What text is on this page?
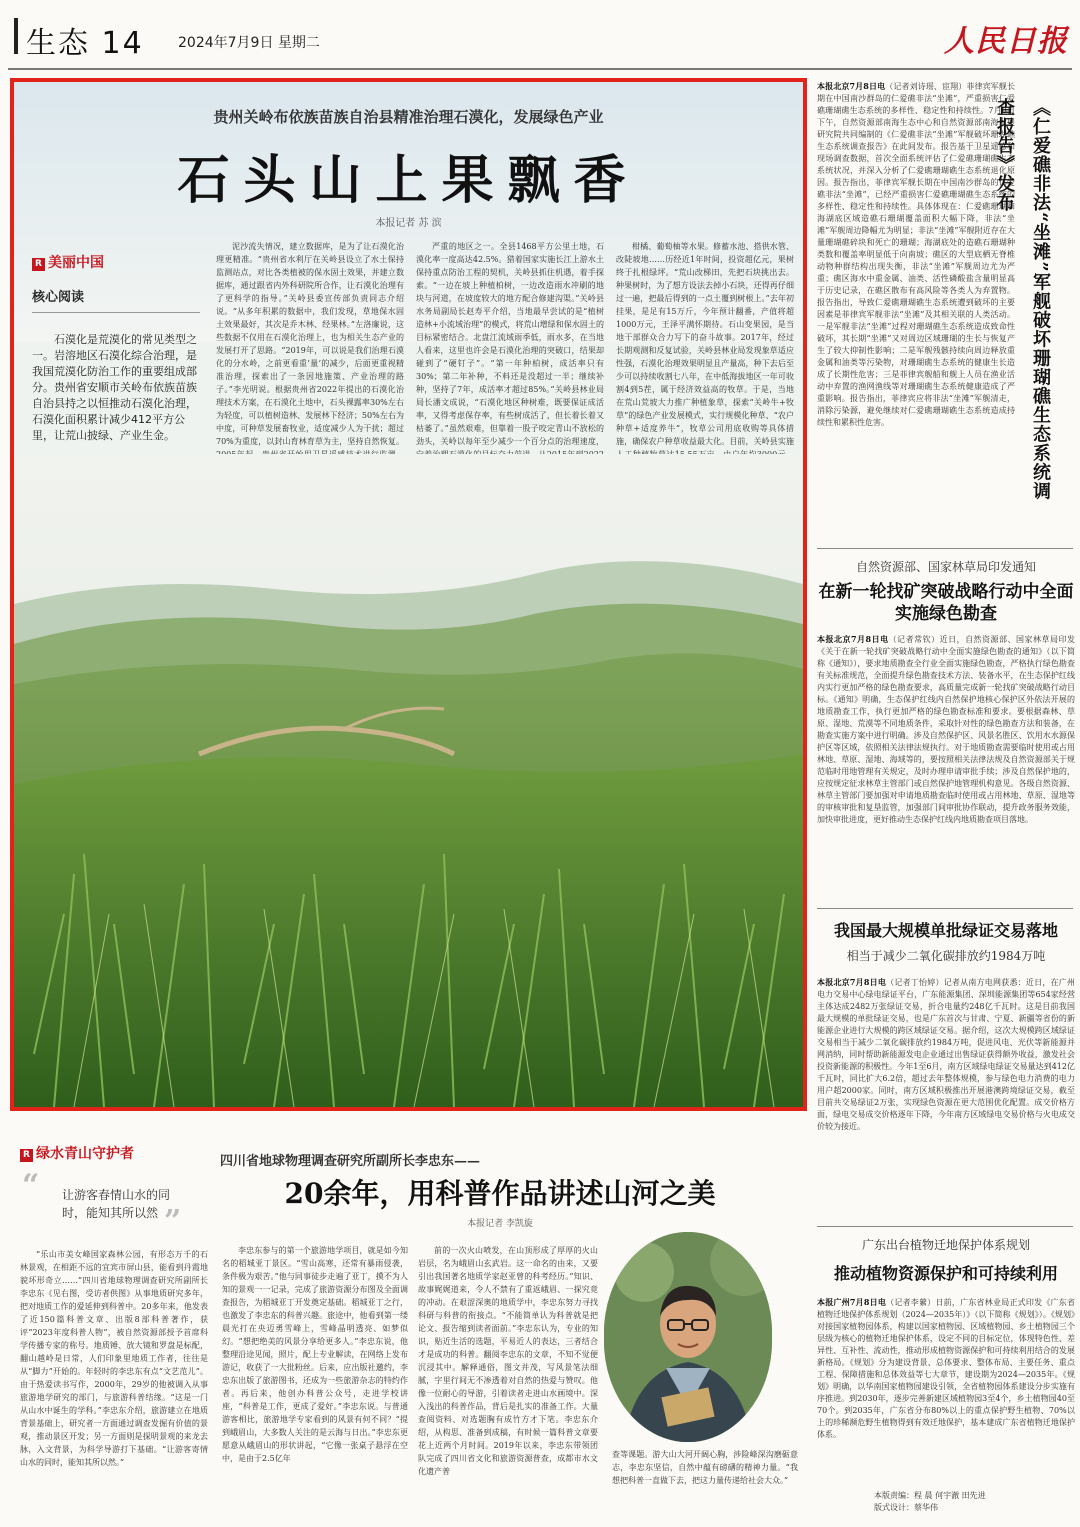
生态 14 2024年7月9日 星期二	人民日报
贵州关岭布依族苗族自治县精准治理石漠化，发展绿色产业
石头山上果飘香
本报记者 苏 滨
R 美丽中国
核心阅读
石漠化是荒漠化的常见类型之一。岩溶地区石漠化综合治理，是我国荒漠化防治工作的重要组成部分。贵州省安顺市关岭布依族苗族自治县持之以恒推动石漠化治理，石漠化面积累计减少412平方公里，让荒山披绿、产业生金。

泥沙流失情况，建立数据库，是为了让石漠化治理更精准。“贵州省水利厅在关岭县设立了水土保持监测站点，对比各类植被的保水固土效果，并建立数据库，通过跟省内外科研院所合作，让石漠化治理有了更科学的指导。”关岭县委宣传部负责同志介绍说。“从多年积累的数据中，我们发现，草地保水固土效果最好，其次是乔木林、经果林。”左洛廉说，这些数据不仅用在石漠化治理上，也为相关生态产业的发展打开了思路。“2019年，可以说是我们治理石漠化的分水岭，之前更看重‘量’的减少，后面更重视精准治理，探索出了一条因地施策、产业治理的路子。”李光明说。根据贵州省2022年提出的石漠化治理技术方案，在石漠化土地中，石头裸露率30%左右为轻度，可以植树造林、发展林下经济；50%左右为中度，可种草发展畜牧业，适度减少人为干扰；超过70%为重度，以封山育林育草为主，坚持自然恢复。

严重的地区之一。全县1468平方公里土地，石漠化率一度高达42.5%。猎着国家实施长江上游水土保持重点防治工程的契机，关岭县抓住机遇，着手探索。“一边在坡上种植柏树，一边改造雨水冲刷的地块与河道，在坡度较大的地方配合修建沟渠。”关岭县水务局副局长赵寿平介绍，当地最早尝试的是“植树造林+小流域治理”的模式，将荒山增绿和保水固土的目标紧密结合。北盘江流域雨季低，雨水多，在当地人看来，这里也许会是石漠化治理的突破口，结果却碰到了“硬钉子”。“第一年种柏树，成活率只有30%；第二年补种，不料还是没超过一半；继续补种，坚持了7年，成活率才超过85%。”关岭县林业局局长潘文成说，“石漠化地区种树难，既要保证成活率，又得考虑保存率，有些树成活了，但长着长着又枯萎了。”虽然艰难，但靠着一股子咬定青山不放松的劲头，关岭以每年至少减少一个百分点的治理速度，

柑橘、葡萄柚等水果。修蓄水池、搭供水管、改陡坡地……历经近1年时间，投资超亿元，果树终于扎根绿坪。“荒山改梯田，先把石块挑出去。种果树时，为了想方设法去掉小石块，还得再仔细过一遍，把最后得到的一点土覆到树根上。”去年初挂果，是足有15万斤，今年预计翻番，产值将超1000万元，王泽平满怀期待。石山变果园，是当地干部群众合力写下的奋斗故事。2017年，经过长期观测和反复试验，关岭县林业局发现象草适应性强，石漠化治理效果明显且产量高，种下去后至少可以持续收割七八年，在中低海拔地区一年可收割4到5茬，属于经济效益高的牧草。于是，当地在荒山荒坡大力推广种植象草，探索“关岭牛+牧草”的绿色产业发展模式，实行规模化种草、“农户种草+适度养牛”，牧草公司用底收购等具体措施，确保农户种草收益最大化。目前，关岭县实施

本报北京7月8日电（记者刘诗瑶、宦翔）菲律宾军舰长期在中国南沙群岛的仁爱礁非法“坐滩”，严重损害仁爱礁珊瑚礁生态系统的多样性、稳定性和持续性。7月8日下午，自然资源部南海生态中心和自然资源部南海发展研究院共同编制的《仁爱礁非法“坐滩”军舰破坏珊瑚礁生态系统调查报告》在此间发布。报告基于卫星遥感和现场调查数据，首次全面系统评估了仁爱礁珊瑚礁生态系统状况，并深入分析了仁爱礁珊瑚礁生态系统退化原因。报告指出，菲律宾军舰长期在中国南沙群岛的仁爱礁非法“坐滩”，已经严重损害仁爱礁珊瑚礁生态系统的多样性、稳定性和持续性。具体体现在：仁爱礁珊瑚和海湖底区域造礁石珊瑚覆盖面积大幅下降，非法“坐滩”军舰周边降幅尤为明显；非法“坐滩”军舰附近存在大量珊瑚礁碎块和死亡的珊瑚；海湖底处的造礁石珊瑚种类数和覆盖率明显低于向南坡；礁区的大型底栖无脊椎动物种群结构出现失衡，非法“坐滩”军舰周边尤为严重；礁区海水中重金属、油类、活性磷酸盐含量明显高于历史记录，在礁区散布有高风险等各类人为弃置物。报告指出，导致仁爱礁珊瑚礁生态系统遭到破坏的主要因素是菲律宾军舰非法“坐滩”及其相关联的人类活动。一是军舰非法“坐滩”过程对珊瑚礁生态系统造成致命性破坏，其长期“坐滩”又对周边区域珊瑚的生长与恢复产生了较大抑制性影响；二是军舰残骸持续向周边释放重金属和油类等污染物，对珊瑚礁生态系统的健康生长造成了长期性危害；三是菲律宾舰船和舰上人员在渔业活动中弃置的渔网渔线等对珊瑚礁生态系统健康造成了严重影响。报告指出，菲律宾应将非法“坐滩”军舰清走，消除污染源，避免继续对仁爱礁珊瑚礁生态系统造成持续性和累积性危害。	《仁爱礁非法“坐滩”军舰破坏珊瑚礁生态系统调查报告》发布
自然资源部、国家林草局印发通知
在新一轮找矿突破战略行动中全面实施绿色勘查
本报北京7月8日电（记者常钦）近日，自然资源部、国家林草局印发《关于在新一轮找矿突破战略行动中全面实施绿色勘查的通知》（以下简称《通知》），要求地质勘查全行业全面实施绿色勘查，严格执行绿色勘查有关标准规范，全面提升绿色勘查技术方法、装备水平，在生态保护红线内实行更加严格的绿色勘查要求，高质量完成新一轮找矿突破战略行动目标。《通知》明确，生态保护红线内自然保护地核心保护区外依法开展的地质勘查工作，执行更加严格的绿色勘查标准和要求。要根据森林、草原、湿地、荒漠等不同地质条件，采取针对性的绿色勘查方法和装备，在勘查实施方案中进行明确。涉及自然保护区、风景名胜区、饮用水水源保护区等区域，依照相关法律法规执行。对于地质勘查需要临时使用或占用林地、草原、湿地、海域等的，要按照相关法律法规及自然资源部关于规范临时用地管理有关规定，及时办理申请审批手续；涉及自然保护地的，应按规定征求林草主管部门或自然保护地管理机构意见。各级自然资源、林草主管部门要加强对申请地质勘查临时使用或占用林地、草原、湿地等的审核审批和复垦监管，加强部门间审批协作联动，提升政务服务效能，加快审批进度，更好推动生态保护红线内地质勘查项目落地。
我国最大规模单批绿证交易落地
相当于减少二氧化碳排放约1984万吨
本报北京7月8日电（记者丁怡婷）记者从南方电网获悉：近日，在广州电力交易中心绿电绿证平台，广东能源集团、深圳能源集团等654家经营主体达成2482万张绿证交易，折合电量约248亿千瓦时。这是目前我国最大规模的单批绿证交易，也是广东首次与甘肃、宁夏、新疆等省份的新能源企业进行大规模的跨区域绿证交易。据介绍，这次大规模跨区域绿证交易相当于减少二氧化碳排放约1984万吨，促进风电、光伏等新能源并网消纳，同时帮助新能源发电企业通过出售绿证获得额外收益，激发社会投资新能源的积极性。今年1至6月，南方区域绿电绿证交易量达到412亿千瓦时，同比扩大6.2倍，超过去年整体规模，参与绿色电力消费的电力用户超2000家。同时，南方区域积极推出开展港澳跨境绿证交易，截至目前共交易绿证2万张，实现绿色资源在更大范围优化配置。成交价格方面，绿电交易成交价格逐年下降，今年南方区域绿电交易价格与火电成交价较为接近。
广东出台植物迁地保护体系规划
推动植物资源保护和可持续利用
本报广州7月8日电（记者李縈）日前，广东省林业局正式印发《广东省植物迁地保护体系规划（2024—2035年）》（以下简称《规划》）。《规划》对接国家植物园体系，构建以国家植物园、区域植物园、乡土植物园三个层级为核心的植物迁地保护体系，设定不同的目标定位，体现特色性、差异性、互补性、流动性，推动形成植物资源保护和可持续利用结合的发展新格局。《规划》分为建设背景、总体要求、整体布局、主要任务、重点工程、保障措施和总体效益等七大章节，建设期为2024—2035年。《规划》明确，以华南国家植物园建设引领，全省植物园体系建设分步实施有序推进。到2030年，逐步完善新建区域植物园3至4个，乡土植物园40至70个。到2035年，广东省分布80%以上的重点保护野生植物、70%以上的珍稀濒危野生植物得到有效迁地保护，基本建成广东省植物迁地保护体系。
本版责编：程 晨 何宇澈 田先进
版式设计：蔡华伟
R 绿水青山守护者
“ 让游客春情山水的同时，能知其所以然 ”
四川省地球物理调查研究所副所长李忠东——
20余年，用科普作品讲述山河之美
本报记者 李凯旋

“乐山市美女峰国家森林公园，有形态万千的石林景观，在相距不远的宜宾市屏山县，能看到丹霞地貌坏形奇立……”四川省地球物理调查研究所副所长李忠东《见右图，受访者供图》从事地质研究多年，把对地质工作的爱延伸到科普中。20多年来，他发表了近150篇科普文章、出版8部科普著作，获评“2023年度科普人物”，被自然资源部授予首席科学传播专家的称号。地质锤、放大镜和罗盘是标配，翻山越岭是日常，人们印象里地质工作者，往往是从“脚力”开始的。年轻时的李忠东有点“文艺范儿”。由于热爱读书写作，2000年，29岁的他被调入从事旅游地学研究的部门，与旅游科普结缘。“这是一门从山水中诞生的学科。”李忠东介绍，旅游建立在地质背景基础上，研究者一方面通过调查发掘有价值的景观，推动景区开发；另一方面则是探明景观的来龙去脉，入文背景，为科学导游打下基础。“让游客寄情山水的同时，能知其所以然。”

李忠东参与的第一个旅游地学项目，就是如今知名的稻城亚丁景区。“雪山高寒，还常有暴雨侵袭，条件极为艰苦。”他与同事徒步走遍了亚丁，摸不为人知的景观一一记录，完成了旅游资源分布图及全面调查报告，为稻城亚丁开发奠定基础。稻城亚丁之行，也激发了李忠东的科普兴趣。旅途中，他看到第一缕晨光打在央迈勇雪峰上，雪峰晶明透亮、如梦似幻。“想把绝美的风景分享给更多人。”李忠东说，他整理沿途见闻，照片，配上专业解读，在网络上发布游记，收获了一大批粉丝。后来，应出版社邀约，李忠东出版了旅游图书，还成为一些旅游杂志的特约作者。再后来，他创办科普公众号，走进学校讲座，“科普是工作，更成了爱好。”李忠东说。与普通游客相比，旅游地学专家看到的风景有何不同？“提到峨眉山，大多数人关注的是云海与日出。”李忠东更愿意从峨眉山的形状讲起，“它像一张桌子悬浮在空中，是由于2.5亿年

前的一次火山喷发，在山顶形成了厚厚的火山岩层，名为峨眉山玄武岩。这一命名的由来，又要引出我国著名地质学家赵亚曾的科考经历。”知识、故事娓娓道来，令人不禁有了重返峨眉、一探究竟的冲动。在艰涩深奥的地质学中，李忠东努力寻找科研与科普的衔接点。“不能简单认为科普就是把论文、报告缩到读者面前。”李忠东认为，专业的知识，贴近生活的选题，平易近人的表达，三者结合才是成功的科普。翻阅李忠东的文章，不知不觉便沉浸其中。解释通俗，图文并茂，写风景笔法细腻，字里行间无不渗透着对自然的热爱与赞叹。他像一位耐心的导游，引着读者走进山水画境中。深入浅出的科普作品，背后是扎实的准备工作。大量查阅资料、对选题胸有成竹方才下笔。李忠东介绍，从构思、准备到成稿，有时候一篇科普文章要花上近两个月时间。2019年以来，李忠东带领团队完成了四川省文化和旅游资源普查，成都市水文化遗产普

查等课题。游大山大河开阔心胸，涉险峰深沟磨砺意志，李忠东坚信，自然中蕴有磅礴的精神力量。“我想把科普一直做下去，把这力量传递给社会大众。”
